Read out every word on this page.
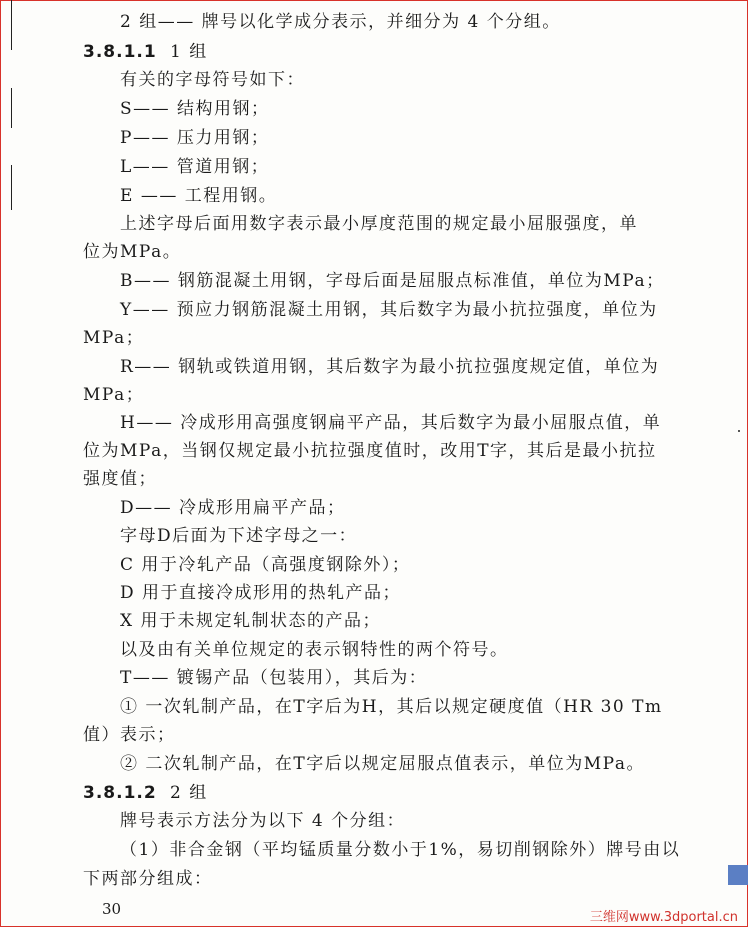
2 组—— 牌号以化学成分表示，并细分为 4 个分组。
3.8.1.1 1 组
有关的字母符号如下：
S—— 结构用钢；
P—— 压力用钢；
L—— 管道用钢；
E —— 工程用钢。
上述字母后面用数字表示最小厚度范围的规定最小屈服强度，单
位为MPa。
B—— 钢筋混凝土用钢，字母后面是屈服点标准值，单位为MPa；
Y—— 预应力钢筋混凝土用钢，其后数字为最小抗拉强度，单位为
MPa；
R—— 钢轨或铁道用钢，其后数字为最小抗拉强度规定值，单位为
MPa；
H—— 冷成形用高强度钢扁平产品，其后数字为最小屈服点值，单
位为MPa，当钢仅规定最小抗拉强度值时，改用T字，其后是最小抗拉
强度值；
D—— 冷成形用扁平产品；
字母D后面为下述字母之一：
C 用于冷轧产品（高强度钢除外）；
D 用于直接冷成形用的热轧产品；
X 用于未规定轧制状态的产品；
以及由有关单位规定的表示钢特性的两个符号。
T—— 镀锡产品（包装用），其后为：
① 一次轧制产品，在T字后为H，其后以规定硬度值（HR 30 Tm
值）表示；
② 二次轧制产品，在T字后以规定屈服点值表示，单位为MPa。
3.8.1.2 2 组
牌号表示方法分为以下 4 个分组：
（1）非合金钢（平均锰质量分数小于1%，易切削钢除外）牌号由以
下两部分组成：
30	三维网www.3dportal.cn
